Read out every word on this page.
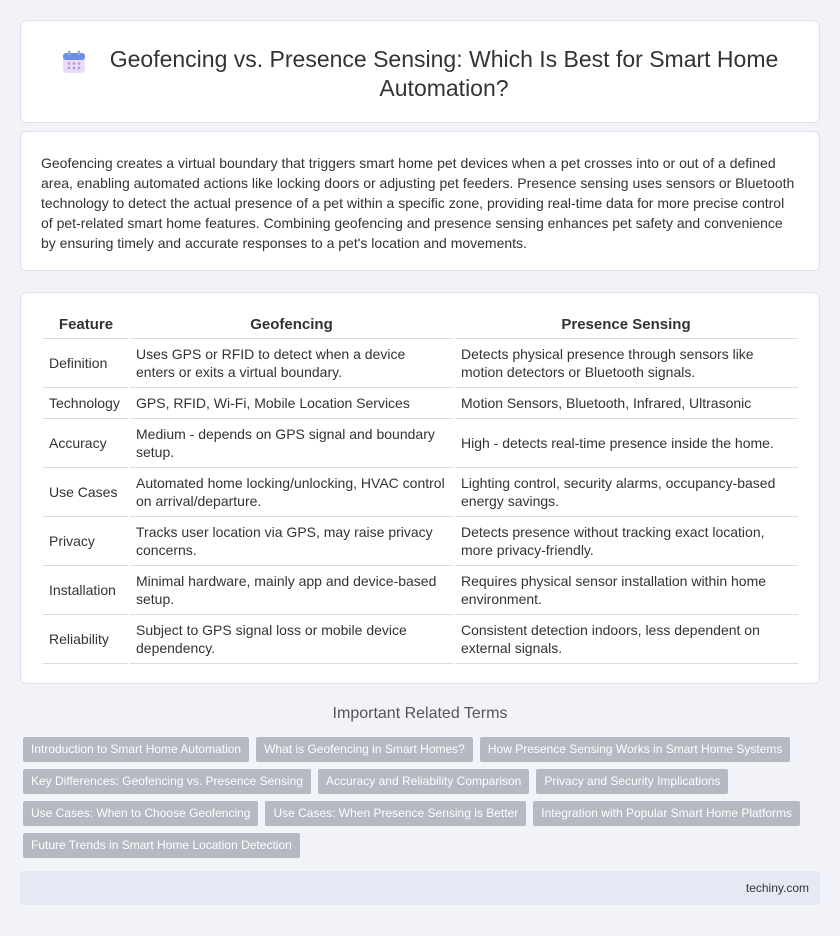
Geofencing vs. Presence Sensing: Which Is Best for Smart Home Automation?

Geofencing creates a virtual boundary that triggers smart home pet devices when a pet crosses into or out of a defined area, enabling automated actions like locking doors or adjusting pet feeders. Presence sensing uses sensors or Bluetooth technology to detect the actual presence of a pet within a specific zone, providing real-time data for more precise control of pet-related smart home features. Combining geofencing and presence sensing enhances pet safety and convenience by ensuring timely and accurate responses to a pet's location and movements.

Feature	Geofencing	Presence Sensing
Definition	Uses GPS or RFID to detect when a device enters or exits a virtual boundary.	Detects physical presence through sensors like motion detectors or Bluetooth signals.
Technology	GPS, RFID, Wi-Fi, Mobile Location Services	Motion Sensors, Bluetooth, Infrared, Ultrasonic
Accuracy	Medium - depends on GPS signal and boundary setup.	High - detects real-time presence inside the home.
Use Cases	Automated home locking/unlocking, HVAC control on arrival/departure.	Lighting control, security alarms, occupancy-based energy savings.
Privacy	Tracks user location via GPS, may raise privacy concerns.	Detects presence without tracking exact location, more privacy-friendly.
Installation	Minimal hardware, mainly app and device-based setup.	Requires physical sensor installation within home environment.
Reliability	Subject to GPS signal loss or mobile device dependency.	Consistent detection indoors, less dependent on external signals.
Important Related Terms
Introduction to Smart Home Automation	What is Geofencing in Smart Homes?	How Presence Sensing Works in Smart Home Systems
Key Differences: Geofencing vs. Presence Sensing	Accuracy and Reliability Comparison	Privacy and Security Implications
Use Cases: When to Choose Geofencing	Use Cases: When Presence Sensing is Better	Integration with Popular Smart Home Platforms
Future Trends in Smart Home Location Detection
techiny.com
